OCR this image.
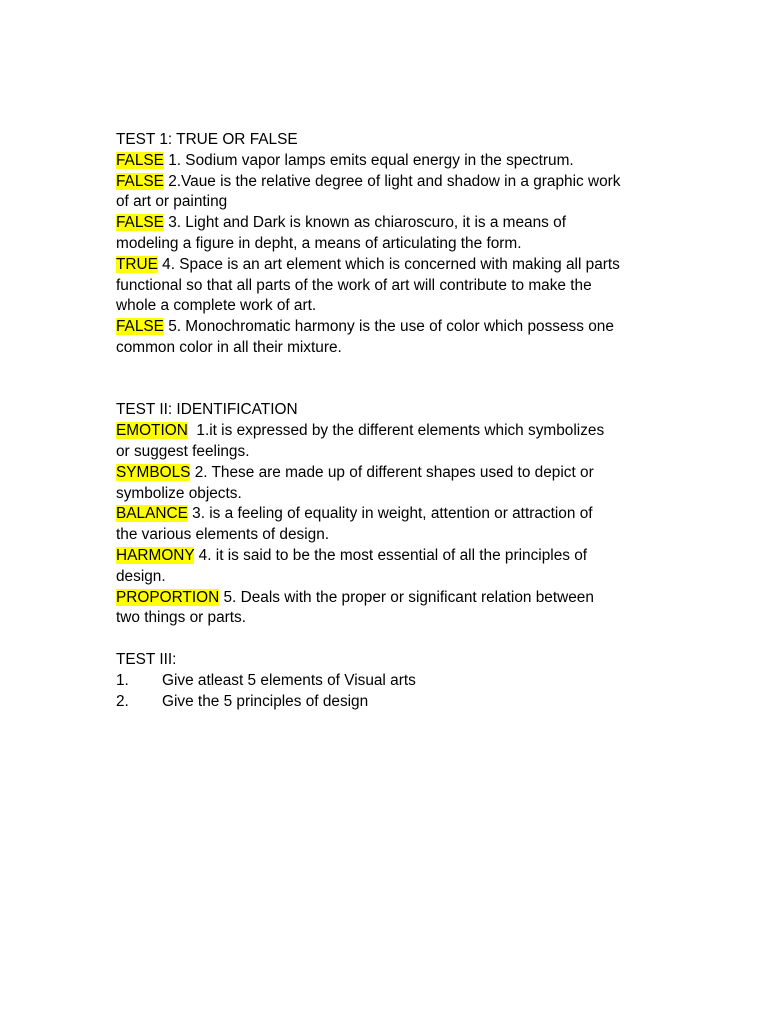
TEST 1: TRUE OR FALSE
FALSE 1. Sodium vapor lamps emits equal energy in the spectrum.
FALSE 2.Vaue is the relative degree of light and shadow in a graphic work
of art or painting
FALSE 3. Light and Dark is known as chiaroscuro, it is a means of
modeling a figure in depht, a means of articulating the form.
TRUE 4. Space is an art element which is concerned with making all parts
functional so that all parts of the work of art will contribute to make the
whole a complete work of art.
FALSE 5. Monochromatic harmony is the use of color which possess one
common color in all their mixture.
TEST II: IDENTIFICATION
EMOTION  1.it is expressed by the different elements which symbolizes
or suggest feelings.
SYMBOLS 2. These are made up of different shapes used to depict or
symbolize objects.
BALANCE 3. is a feeling of equality in weight, attention or attraction of
the various elements of design.
HARMONY 4. it is said to be the most essential of all the principles of
design.
PROPORTION 5. Deals with the proper or significant relation between
two things or parts.
TEST III:
1. Give atleast 5 elements of Visual arts
2. Give the 5 principles of design
